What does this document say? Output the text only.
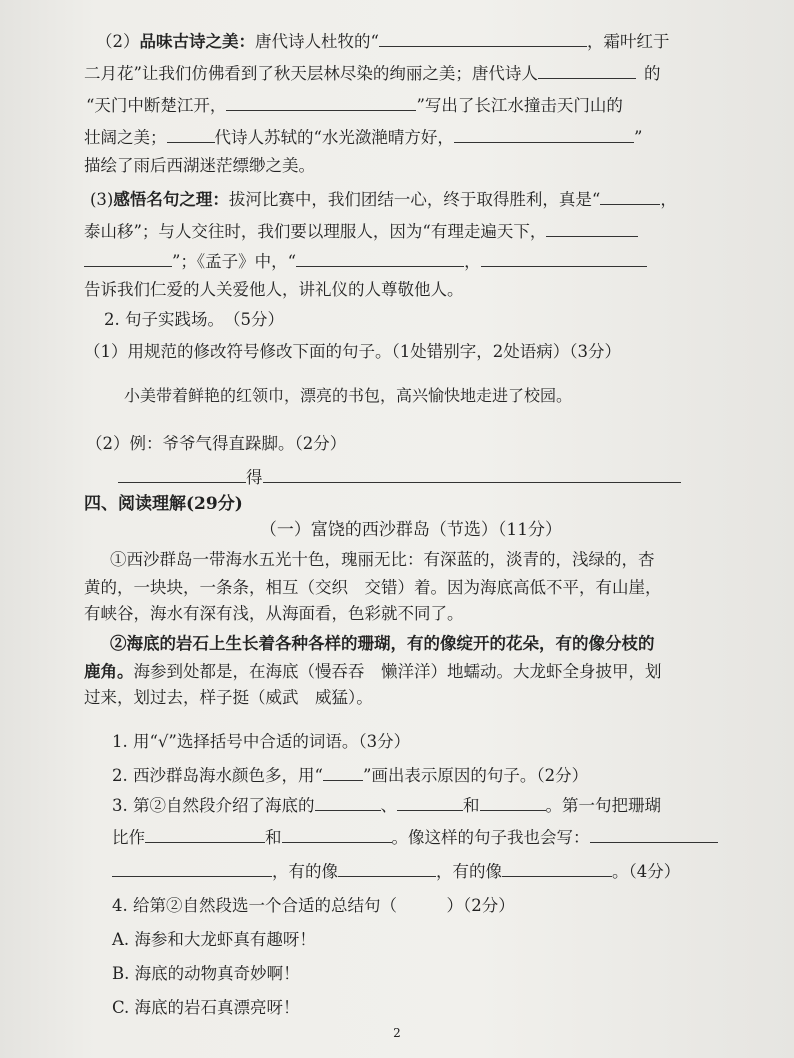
（2）品味古诗之美：唐代诗人杜牧的“	，霜叶红于
二月花”让我们仿佛看到了秋天层林尽染的绚丽之美；唐代诗人	的
“天门中断楚江开，	”写出了长江水撞击天门山的
壮阔之美；	代诗人苏轼的“水光潋滟晴方好，	”
描绘了雨后西湖迷茫缥缈之美。
(3)感悟名句之理：拔河比赛中，我们团结一心，终于取得胜利，真是“	，
泰山移”；与人交往时，我们要以理服人，因为“有理走遍天下，
”；《孟子》中，“	，
告诉我们仁爱的人关爱他人，讲礼仪的人尊敬他人。
2. 句子实践场。　（5分）
（1）用规范的修改符号修改下面的句子。（1处错别字，2处语病）（3分）
小美带着鲜艳的红领巾，漂亮的书包，高兴愉快地走进了校园。
（2）例：爷爷气得直跺脚。（2分）
得
四、阅读理解(29分)
（一）富饶的西沙群岛（节选）（11分）
①西沙群岛一带海水五光十色，瑰丽无比：有深蓝的，淡青的，浅绿的，杏
黄的，一块块，一条条，相互（交织　交错）着。因为海底高低不平，有山崖，
有峡谷，海水有深有浅，从海面看，色彩就不同了。
②海底的岩石上生长着各种各样的珊瑚，有的像绽开的花朵，有的像分枝的
鹿角。海参到处都是，在海底（慢吞吞　懒洋洋）地蠕动。大龙虾全身披甲，划
过来，划过去，样子挺（威武　威猛）。
1. 用“√”选择括号中合适的词语。（3分）
2. 西沙群岛海水颜色多，用“ ”画出表示原因的句子。（2分）
3. 第②自然段介绍了海底的	、	和	。第一句把珊瑚
比作	和	。像这样的句子我也会写：
，有的像	，有的像	。（4分）
4. 给第②自然段选一个合适的总结句（　　　）（2分）
A. 海参和大龙虾真有趣呀！
B. 海底的动物真奇妙啊！
C. 海底的岩石真漂亮呀！
2
